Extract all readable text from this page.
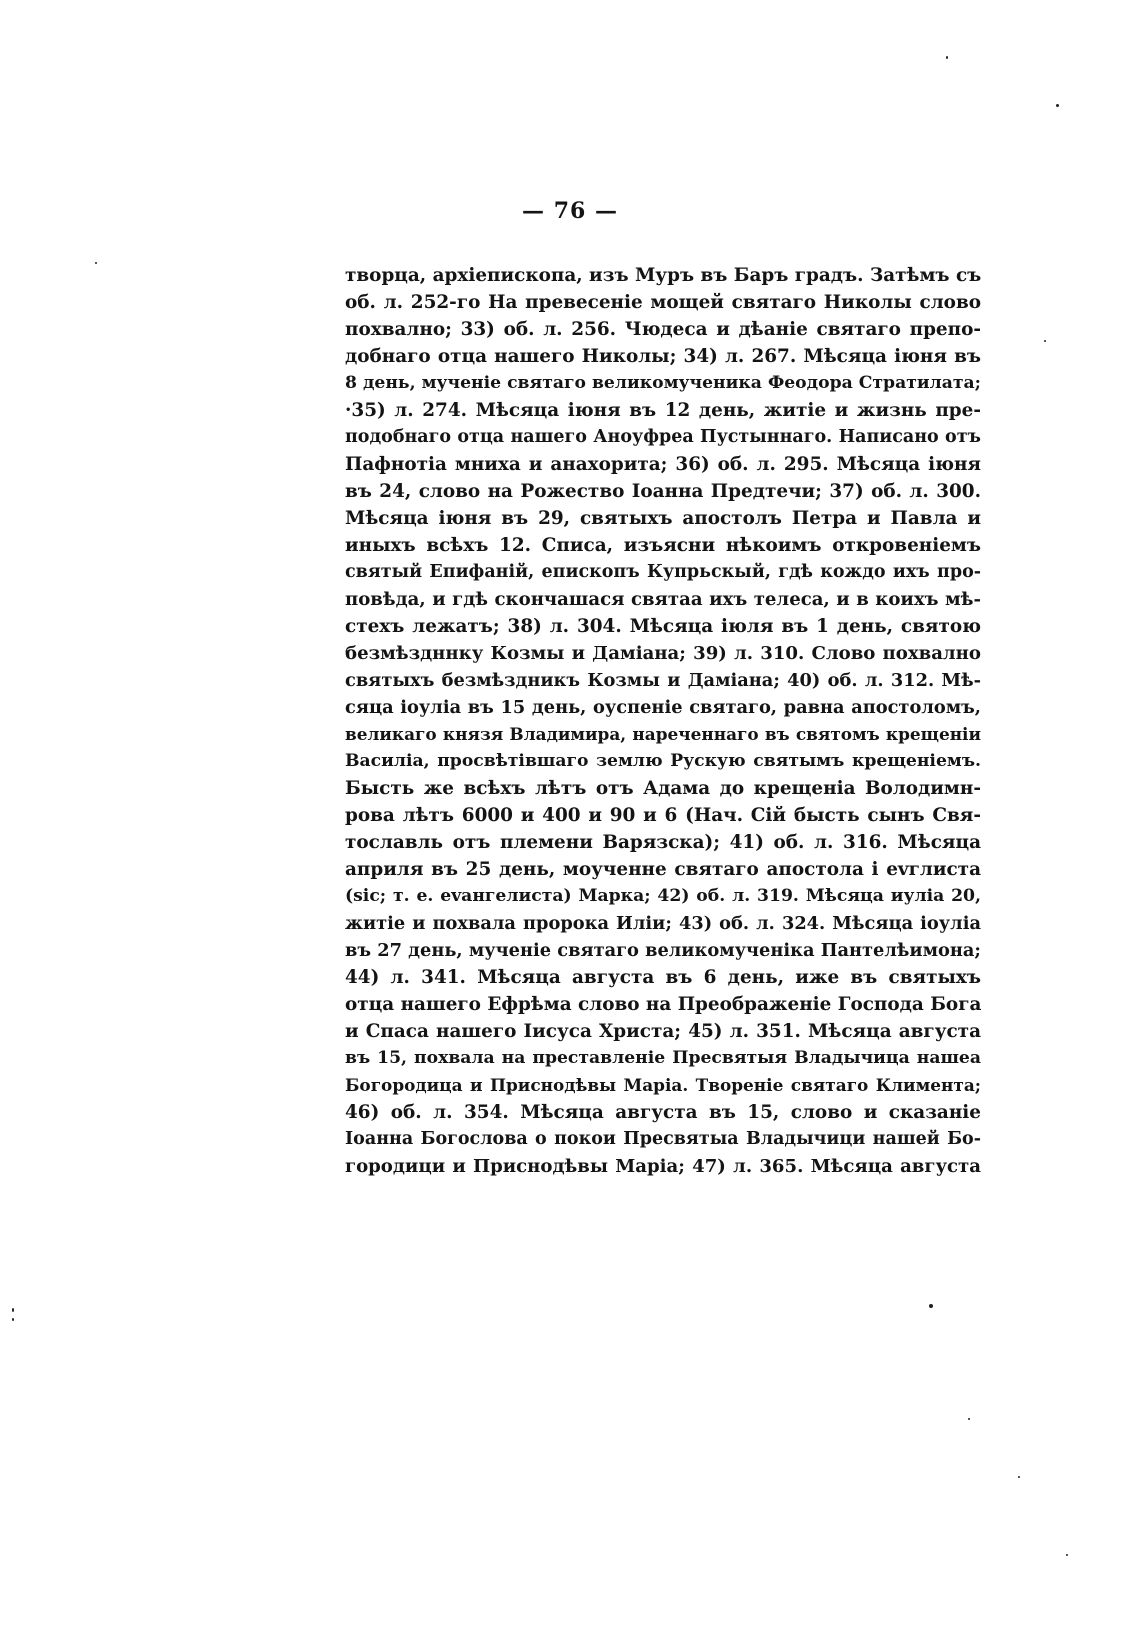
— 76 —
творца, архіепископа, изъ Муръ въ Баръ градъ. Затѣмъ съ
об. л. 252-го На превесеніе мощей святаго Николы слово
похвално; 33) об. л. 256. Чюдеса и дѣаніе святаго препо-
добнаго отца нашего Николы; 34) л. 267. Мѣсяца іюня въ
8 день, мученіе святаго великомученика Феодора Стратилата;
·35) л. 274. Мѣсяца іюня въ 12 день, житіе и жизнь пре-
подобнаго отца нашего Аноуфреа Пустыннаго. Написано отъ
Пафнотіа мниха и анахорита; 36) об. л. 295. Мѣсяца іюня
въ 24, слово на Рожество Іоанна Предтечи; 37) об. л. 300.
Мѣсяца іюня въ 29, святыхъ апостолъ Петра и Павла и
иныхъ всѣхъ 12. Списа, изъясни нѣкоимъ откровеніемъ
святый Епифаній, епископъ Купрьскый, гдѣ кождо ихъ про-
повѣда, и гдѣ скончашася святаа ихъ телеса, и в коихъ мѣ-
стехъ лежатъ; 38) л. 304. Мѣсяца іюля въ 1 день, святою
безмѣздннку Козмы и Даміана; 39) л. 310. Слово похвално
святыхъ безмѣздникъ Козмы и Даміана; 40) об. л. 312. Мѣ-
сяца іоуліа въ 15 день, оуспеніе святаго, равна апостоломъ,
великаго князя Владимира, нареченнаго въ святомъ крещеніи
Василіа, просвѣтівшаго землю Рускую святымъ крещеніемъ.
Бысть же всѣхъ лѣтъ отъ Адама до крещеніа Володимн-
рова лѣтъ 6000 и 400 и 90 и 6 (Нач. Сій бысть сынъ Свя-
тославль отъ племени Варязска); 41) об. л. 316. Мѣсяца
априля въ 25 день, моученне святаго апостола і еvглиста
(sic; т. е. еvангелиста) Марка; 42) об. л. 319. Мѣсяца иуліа 20,
житіе и похвала пророка Иліи; 43) об. л. 324. Мѣсяца іоуліа
въ 27 день, мученіе святаго великомученіка Пантелѣимона;
44) л. 341. Мѣсяца августа въ 6 день, иже въ святыхъ
отца нашего Ефрѣма слово на Преображеніе Господа Бога
и Спаса нашего Іисуса Христа; 45) л. 351. Мѣсяца августа
въ 15, похвала на преставленіе Пресвятыя Владычица нашеа
Богородица и Приснодѣвы Маріа. Твореніе святаго Климента;
46) об. л. 354. Мѣсяца августа въ 15, слово и сказаніе
Іоанна Богослова о покои Пресвятыа Владычици нашей Бо-
городици и Приснодѣвы Маріа; 47) л. 365. Мѣсяца августа
